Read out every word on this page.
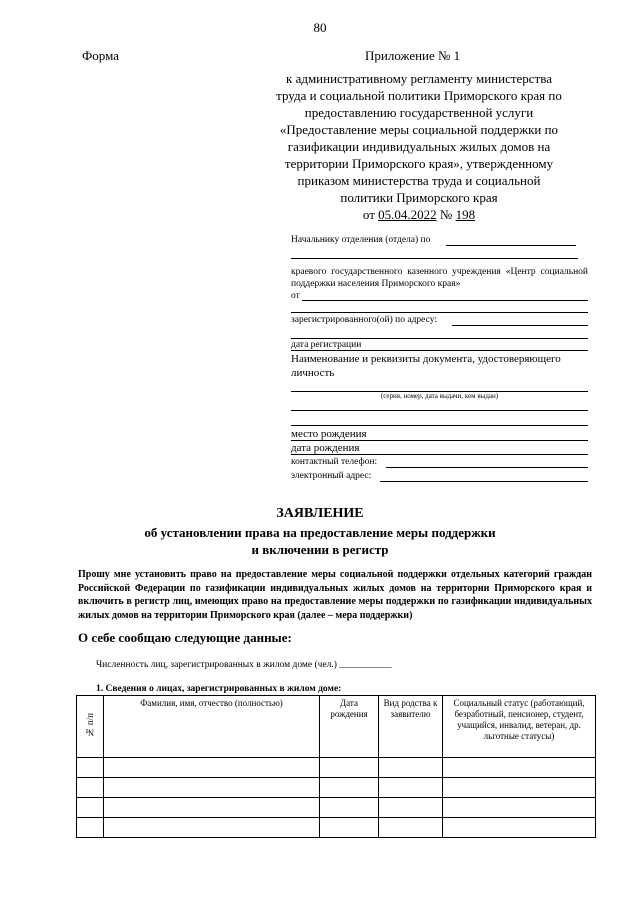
80
Форма	Приложение № 1
к административному регламенту министерства
труда и социальной политики Приморского края по
предоставлению государственной услуги
«Предоставление меры социальной поддержки по
газификации индивидуальных жилых домов на
территории Приморского края», утвержденному
приказом министерства труда и социальной
политики Приморского края
от 05.04.2022 № 198
Начальнику отделения (отдела) по
краевого государственного казенного учреждения «Центр социальной поддержки населения Приморского края»
от
зарегистрированного(ой) по адресу:
дата регистрации
Наименование и реквизиты документа, удостоверяющего личность
(серия, номер, дата выдачи, кем выдан)
место рождения
дата рождения
контактный телефон:
электронный адрес:
ЗАЯВЛЕНИЕ
об установлении права на предоставление меры поддержки
и включении в регистр
Прошу мне установить право на предоставление меры социальной поддержки отдельных категорий граждан Российской Федерации по газификации индивидуальных жилых домов на территории Приморского края и включить в регистр лиц, имеющих право на предоставление меры поддержки по газификации индивидуальных жилых домов на территории Приморского края (далее – мера поддержки)
О себе сообщаю следующие данные:
Численность лиц, зарегистрированных в жилом доме (чел.) ___________
1. Сведения о лицах, зарегистрированных в жилом доме:
№ п/п	Фамилия, имя, отчество (полностью)	Дата рождения	Вид родства к заявителю	Социальный статус (работающий, безработный, пенсионер, студент, учащийся, инвалид, ветеран, др. льготные статусы)
